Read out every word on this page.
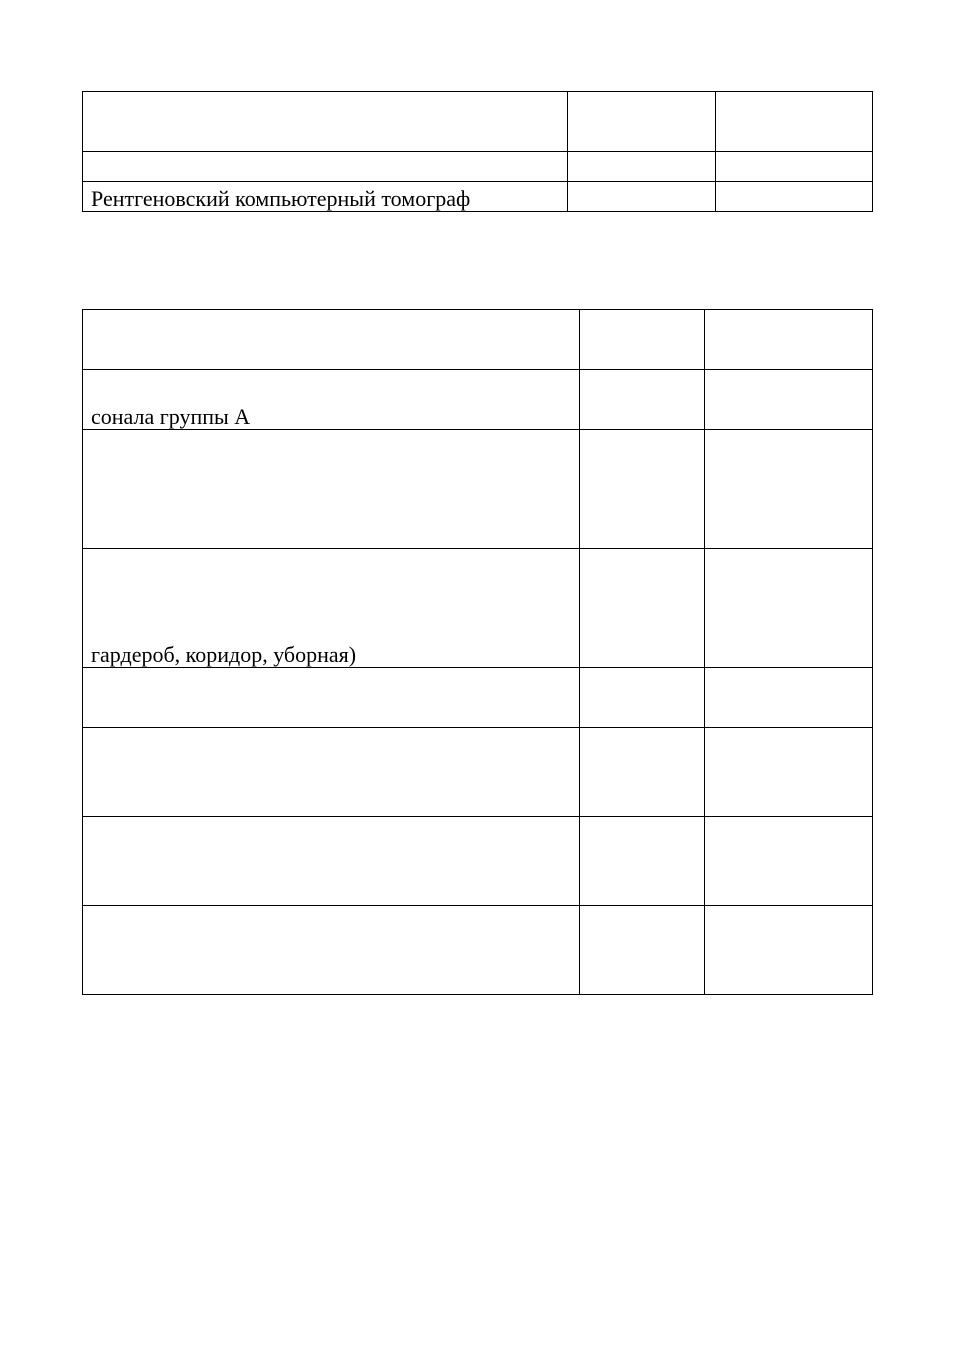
Рентгеновский компьютерный томограф		

сонала группы А		

гардероб, коридор, уборная)		
